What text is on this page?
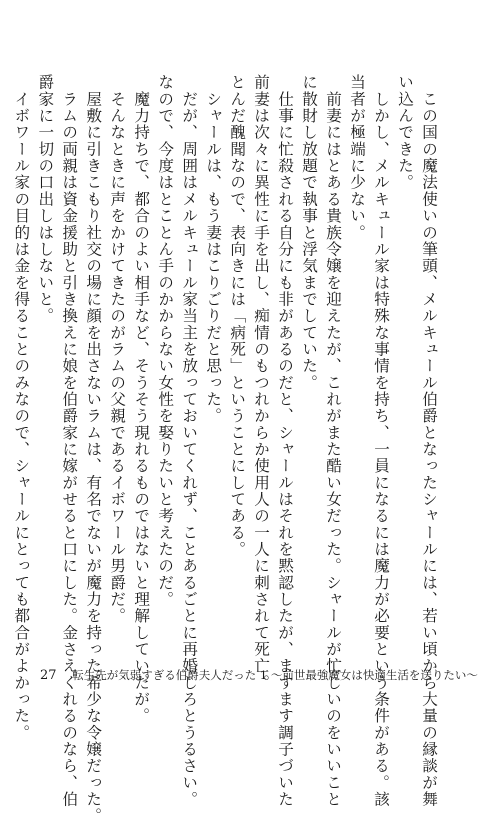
　この国の魔法使いの筆頭、メルキュール伯爵となったシャールには、若い頃から大量の縁談が舞
い込んできた。
　しかし、メルキュール家は特殊な事情を持ち、一員になるには魔力が必要という条件がある。該
当者が極端に少ない。
　前妻にはとある貴族令嬢を迎えたが、これがまた酷い女だった。シャールが忙しいのをいいこと
に散財し放題で執事と浮気までしていた。
　仕事に忙殺される自分にも非があるのだと、シャールはそれを黙認したが、ますます調子づいた
前妻は次々に異性に手を出し、痴情のもつれからか使用人の一人に刺されて死亡。
とんだ醜聞なので、表向きには「病死」ということにしてある。
　シャールは、もう妻はこりごりだと思った。
　だが、周囲はメルキュール家当主を放っておいてくれず、ことあるごとに再婚しろとうるさい。
なので、今度はとことん手のかからない女性を娶りたいと考えたのだ。
　魔力持ちで、都合のよい相手など、そうそう現れるものではないと理解していたが。
　そんなときに声をかけてきたのがラムの父親であるイボワール男爵だ。
　屋敷に引きこもり社交の場に顔を出さないラムは、有名でないが魔力を持った希少な令嬢だった。
　ラムの両親は資金援助と引き換えに娘を伯爵家に嫁がせると口にした。金さえくれるのなら、伯
爵家に一切の口出しはしないと。
　イボワール家の目的は金を得ることのみなので、シャールにとっても都合がよかった。 27 転生先が気弱すぎる伯爵夫人だった 1 ～前世最強魔女は快適生活を送りたい～
